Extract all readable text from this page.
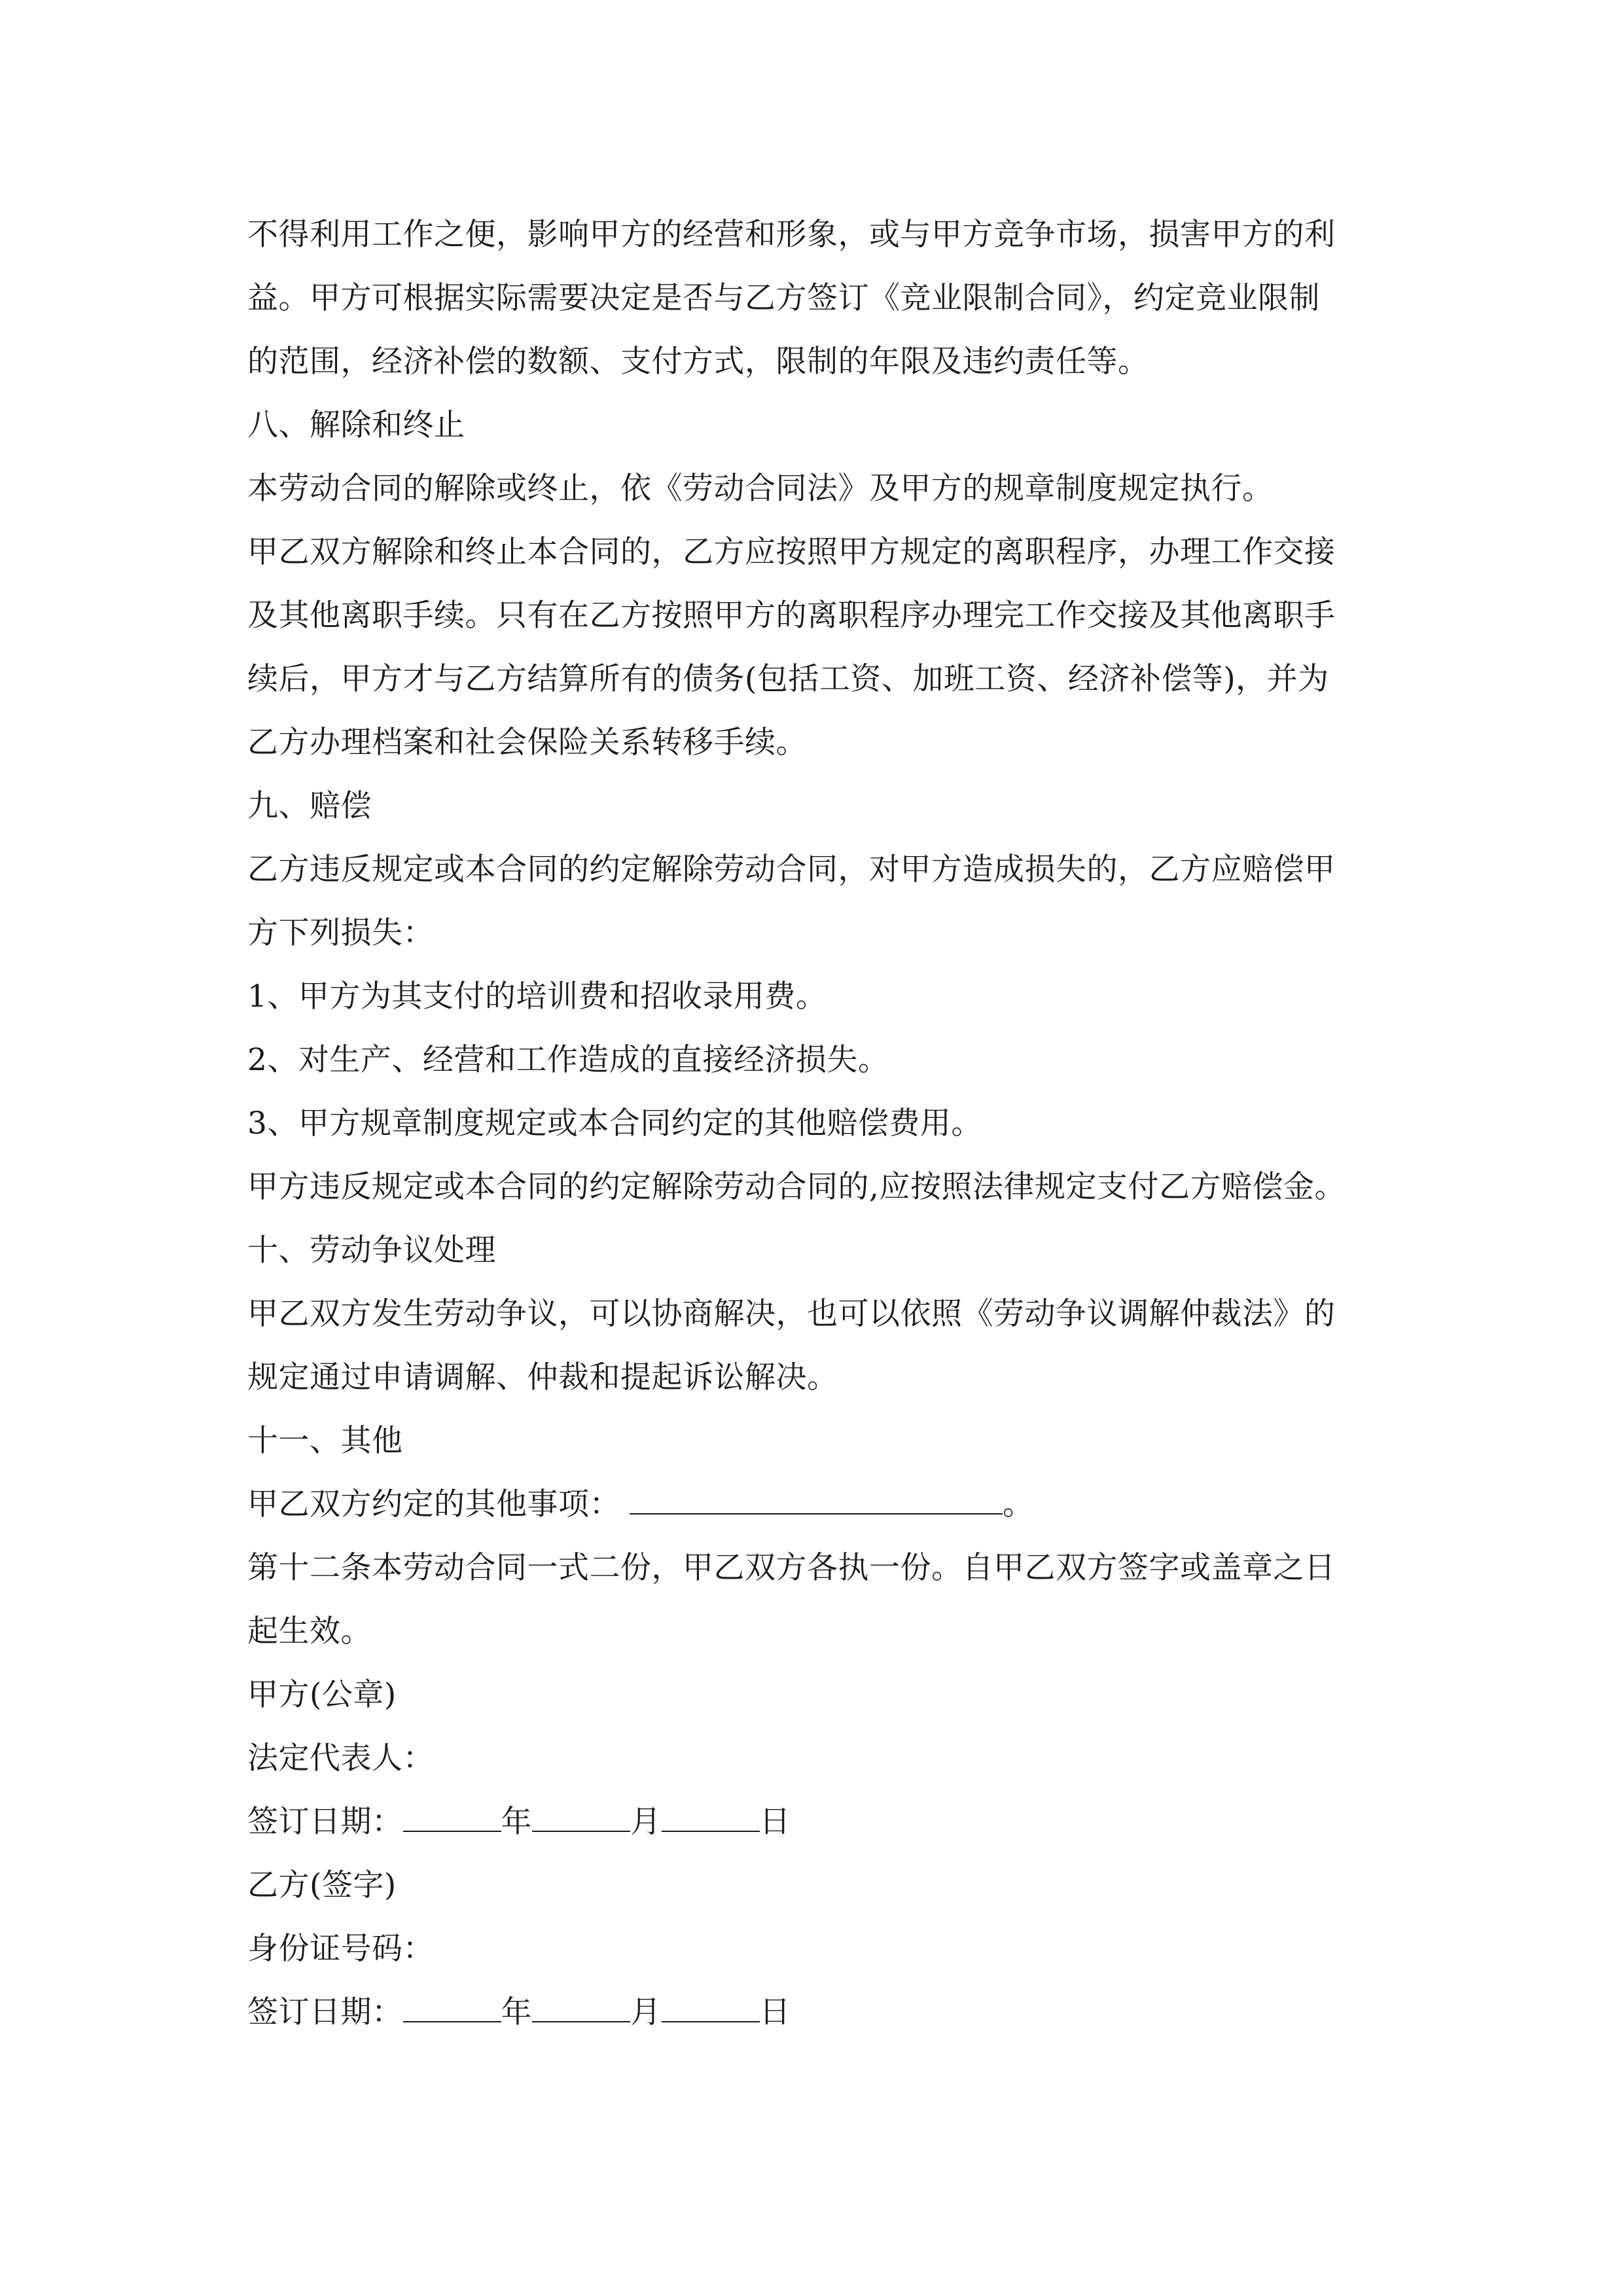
不得利用工作之便，影响甲方的经营和形象，或与甲方竞争市场，损害甲方的利
益。甲方可根据实际需要决定是否与乙方签订《竞业限制合同》，约定竞业限制
的范围，经济补偿的数额、支付方式，限制的年限及违约责任等。
八、解除和终止
本劳动合同的解除或终止，依《劳动合同法》及甲方的规章制度规定执行。
甲乙双方解除和终止本合同的，乙方应按照甲方规定的离职程序，办理工作交接
及其他离职手续。只有在乙方按照甲方的离职程序办理完工作交接及其他离职手
续后，甲方才与乙方结算所有的债务(包括工资、加班工资、经济补偿等)，并为
乙方办理档案和社会保险关系转移手续。
九、赔偿
乙方违反规定或本合同的约定解除劳动合同，对甲方造成损失的，乙方应赔偿甲
方下列损失：
1、甲方为其支付的培训费和招收录用费。
2、对生产、经营和工作造成的直接经济损失。
3、甲方规章制度规定或本合同约定的其他赔偿费用。
甲方违反规定或本合同的约定解除劳动合同的,应按照法律规定支付乙方赔偿金。
十、劳动争议处理
甲乙双方发生劳动争议，可以协商解决，也可以依照《劳动争议调解仲裁法》的
规定通过申请调解、仲裁和提起诉讼解决。
十一、其他
甲乙双方约定的其他事项：	。
第十二条本劳动合同一式二份，甲乙双方各执一份。自甲乙双方签字或盖章之日
起生效。
甲方(公章)
法定代表人：
签订日期：	年	月	日
乙方(签字)
身份证号码：
签订日期：	年	月	日
